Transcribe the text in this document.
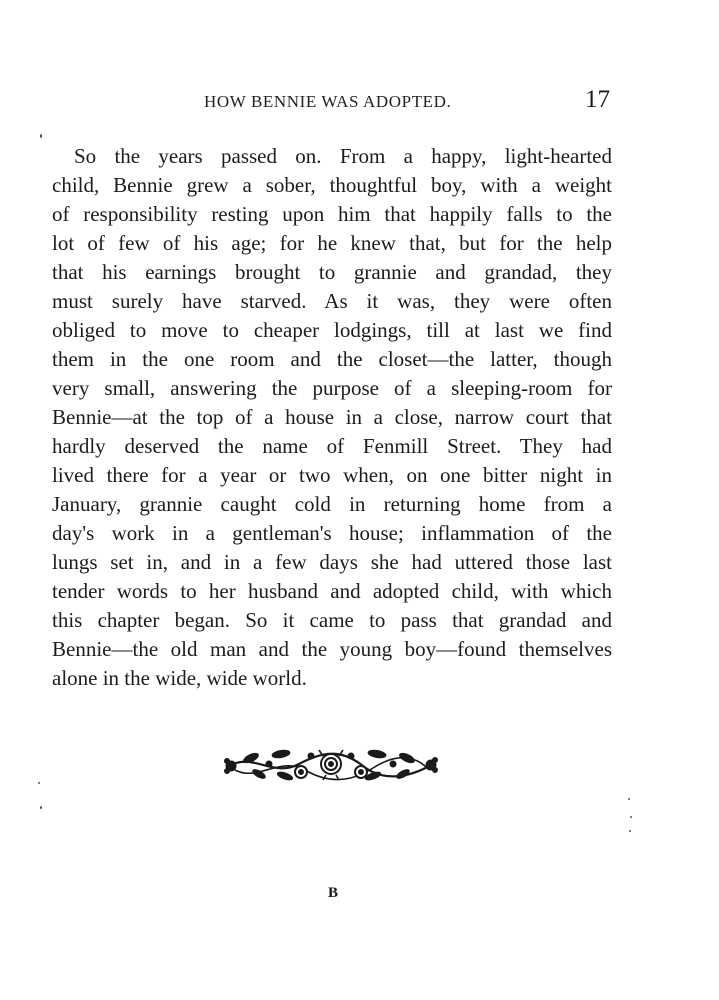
HOW BENNIE WAS ADOPTED.	17
So the years passed on. From a happy, light-hearted
child, Bennie grew a sober, thoughtful boy, with a weight
of responsibility resting upon him that happily falls to the
lot of few of his age; for he knew that, but for the help
that his earnings brought to grannie and grandad, they
must surely have starved. As it was, they were often
obliged to move to cheaper lodgings, till at last we find
them in the one room and the closet—the latter, though
very small, answering the purpose of a sleeping-room for
Bennie—at the top of a house in a close, narrow court that
hardly deserved the name of Fenmill Street. They had
lived there for a year or two when, on one bitter night in
January, grannie caught cold in returning home from a
day's work in a gentleman's house; inflammation of the
lungs set in, and in a few days she had uttered those last
tender words to her husband and adopted child, with which
this chapter began. So it came to pass that grandad and
Bennie—the old man and the young boy—found themselves
alone in the wide, wide world.
B
